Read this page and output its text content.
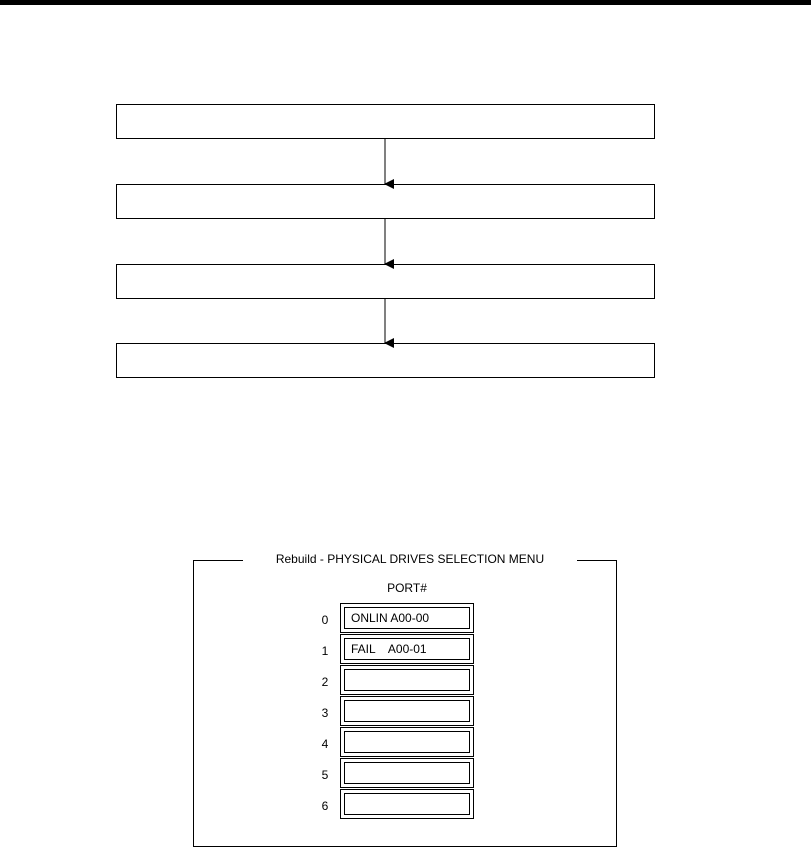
Rebuild - PHYSICAL DRIVES SELECTION MENU
PORT#
0	ONLIN A00-00
1	FAIL    A00-01
2
3
4
5
6
